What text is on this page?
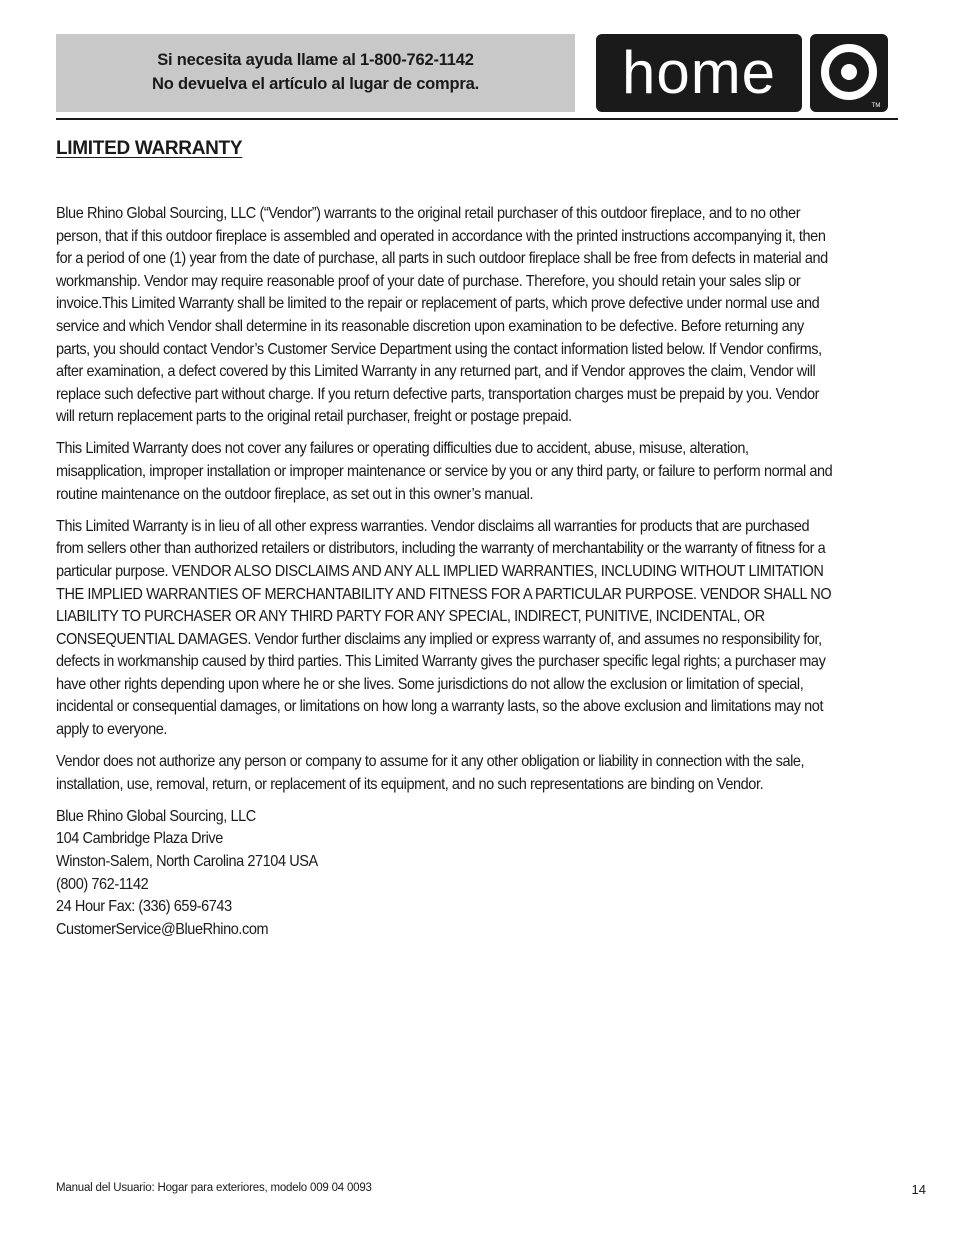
Si necesita ayuda llame al 1-800-762-1142
No devuelva el artículo al lugar de compra.	home	TM
LIMITED WARRANTY

Blue Rhino Global Sourcing, LLC (“Vendor”) warrants to the original retail purchaser of this outdoor fireplace, and to no other person, that if this outdoor fireplace is assembled and operated in accordance with the printed instructions accompanying it, then for a period of one (1) year from the date of purchase, all parts in such outdoor fireplace shall be free from defects in material and workmanship. Vendor may require reasonable proof of your date of purchase. Therefore, you should retain your sales slip or invoice.This Limited Warranty shall be limited to the repair or replacement of parts, which prove defective under normal use and service and which Vendor shall determine in its reasonable discretion upon examination to be defective. Before returning any parts, you should contact Vendor’s Customer Service Department using the contact information listed below. If Vendor confirms, after examination, a defect covered by this Limited Warranty in any returned part, and if Vendor approves the claim, Vendor will replace such defective part without charge. If you return defective parts, transportation charges must be prepaid by you. Vendor will return replacement parts to the original retail purchaser, freight or postage prepaid.

This Limited Warranty does not cover any failures or operating difficulties due to accident, abuse, misuse, alteration, misapplication, improper installation or improper maintenance or service by you or any third party, or failure to perform normal and routine maintenance on the outdoor fireplace, as set out in this owner’s manual.

This Limited Warranty is in lieu of all other express warranties. Vendor disclaims all warranties for products that are purchased from sellers other than authorized retailers or distributors, including the warranty of merchantability or the warranty of fitness for a particular purpose. VENDOR ALSO DISCLAIMS AND ANY ALL IMPLIED WARRANTIES, INCLUDING WITHOUT LIMITATION THE IMPLIED WARRANTIES OF MERCHANTABILITY AND FITNESS FOR A PARTICULAR PURPOSE. VENDOR SHALL NO LIABILITY TO PURCHASER OR ANY THIRD PARTY FOR ANY SPECIAL, INDIRECT, PUNITIVE, INCIDENTAL, OR CONSEQUENTIAL DAMAGES. Vendor further disclaims any implied or express warranty of, and assumes no responsibility for, defects in workmanship caused by third parties. This Limited Warranty gives the purchaser specific legal rights; a purchaser may have other rights depending upon where he or she lives. Some jurisdictions do not allow the exclusion or limitation of special, incidental or consequential damages, or limitations on how long a warranty lasts, so the above exclusion and limitations may not apply to everyone.

Vendor does not authorize any person or company to assume for it any other obligation or liability in connection with the sale, installation, use, removal, return, or replacement of its equipment, and no such representations are binding on Vendor.

Blue Rhino Global Sourcing, LLC
104 Cambridge Plaza Drive
Winston-Salem, North Carolina 27104 USA
(800) 762-1142
24 Hour Fax: (336) 659-6743
CustomerService@BlueRhino.com
Manual del Usuario: Hogar para exteriores, modelo 009 04 0093	14
